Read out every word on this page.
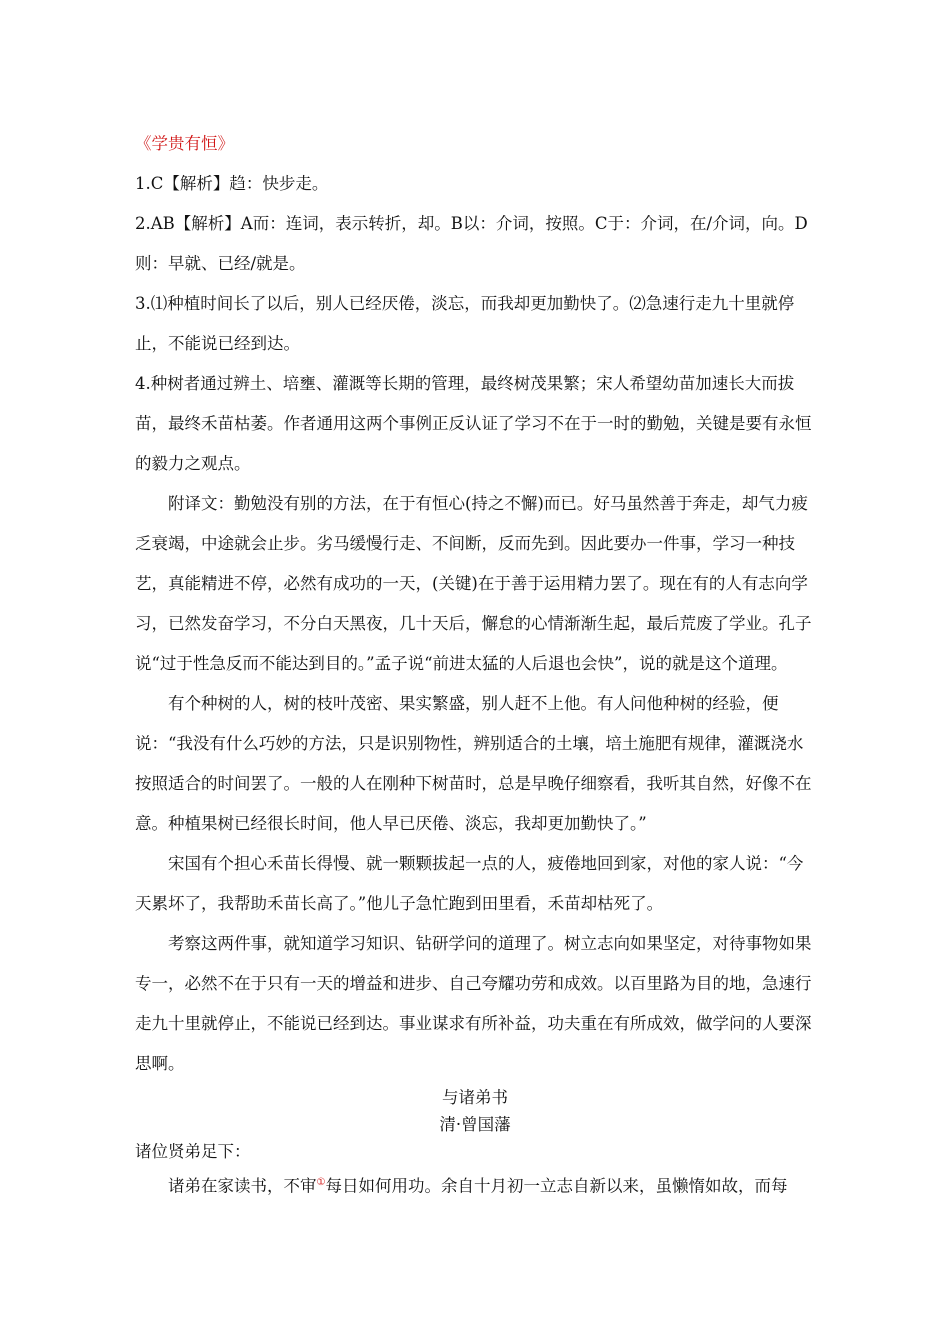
《学贵有恒》

1.C【解析】趋：快步走。

2.AB【解析】A而：连词，表示转折，却。B以：介词，按照。C于：介词，在/介词，向。D则：早就、已经/就是。

3.⑴种植时间长了以后，别人已经厌倦，淡忘，而我却更加勤快了。⑵急速行走九十里就停止，不能说已经到达。

4.种树者通过辨土、培壅、灌溉等长期的管理，最终树茂果繁；宋人希望幼苗加速长大而拔苗，最终禾苗枯萎。作者通用这两个事例正反认证了学习不在于一时的勤勉，关键是要有永恒的毅力之观点。

附译文：勤勉没有别的方法，在于有恒心(持之不懈)而已。好马虽然善于奔走，却气力疲乏衰竭，中途就会止步。劣马缓慢行走、不间断，反而先到。因此要办一件事，学习一种技艺，真能精进不停，必然有成功的一天，(关键)在于善于运用精力罢了。现在有的人有志向学习，已然发奋学习，不分白天黑夜，几十天后，懈怠的心情渐渐生起，最后荒废了学业。孔子说“过于性急反而不能达到目的。”孟子说“前进太猛的人后退也会快”，说的就是这个道理。

有个种树的人，树的枝叶茂密、果实繁盛，别人赶不上他。有人问他种树的经验，便说：“我没有什么巧妙的方法，只是识别物性，辨别适合的土壤，培土施肥有规律，灌溉浇水按照适合的时间罢了。一般的人在刚种下树苗时，总是早晚仔细察看，我听其自然，好像不在意。种植果树已经很长时间，他人早已厌倦、淡忘，我却更加勤快了。”

宋国有个担心禾苗长得慢、就一颗颗拔起一点的人，疲倦地回到家，对他的家人说：“今天累坏了，我帮助禾苗长高了。”他儿子急忙跑到田里看，禾苗却枯死了。

考察这两件事，就知道学习知识、钻研学问的道理了。树立志向如果坚定，对待事物如果专一，必然不在于只有一天的增益和进步、自己夸耀功劳和成效。以百里路为目的地，急速行走九十里就停止，不能说已经到达。事业谋求有所补益，功夫重在有所成效，做学问的人要深思啊。

与诸弟书

清·曾国藩

诸位贤弟足下：

诸弟在家读书，不审①每日如何用功。余自十月初一立志自新以来，虽懒惰如故，而每
